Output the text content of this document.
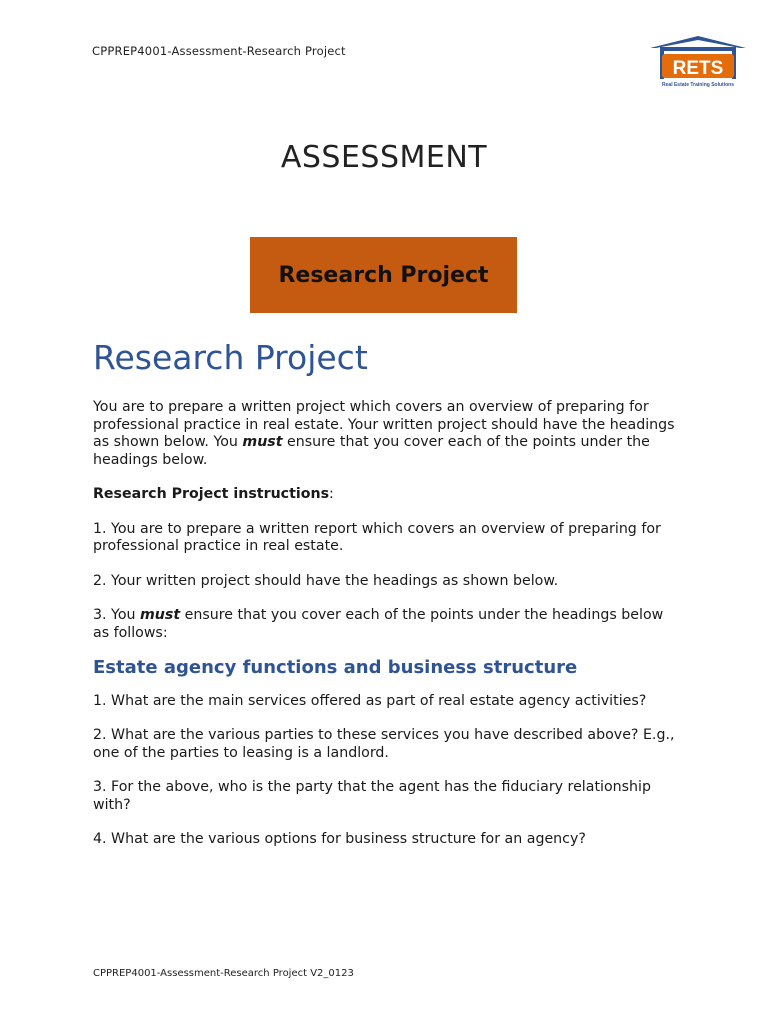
CPPREP4001-Assessment-Research Project
RETS
Real Estate Training Solutions
ASSESSMENT
Research Project
Research Project

You are to prepare a written project which covers an overview of preparing for professional practice in real estate. Your written project should have the headings as shown below. You must ensure that you cover each of the points under the headings below.

Research Project instructions:

1. You are to prepare a written report which covers an overview of preparing for professional practice in real estate.

2. Your written project should have the headings as shown below.

3. You must ensure that you cover each of the points under the headings below as follows:

Estate agency functions and business structure

1. What are the main services offered as part of real estate agency activities?

2. What are the various parties to these services you have described above? E.g., one of the parties to leasing is a landlord.

3. For the above, who is the party that the agent has the fiduciary relationship with?

4. What are the various options for business structure for an agency?

CPPREP4001-Assessment-Research Project V2_0123
